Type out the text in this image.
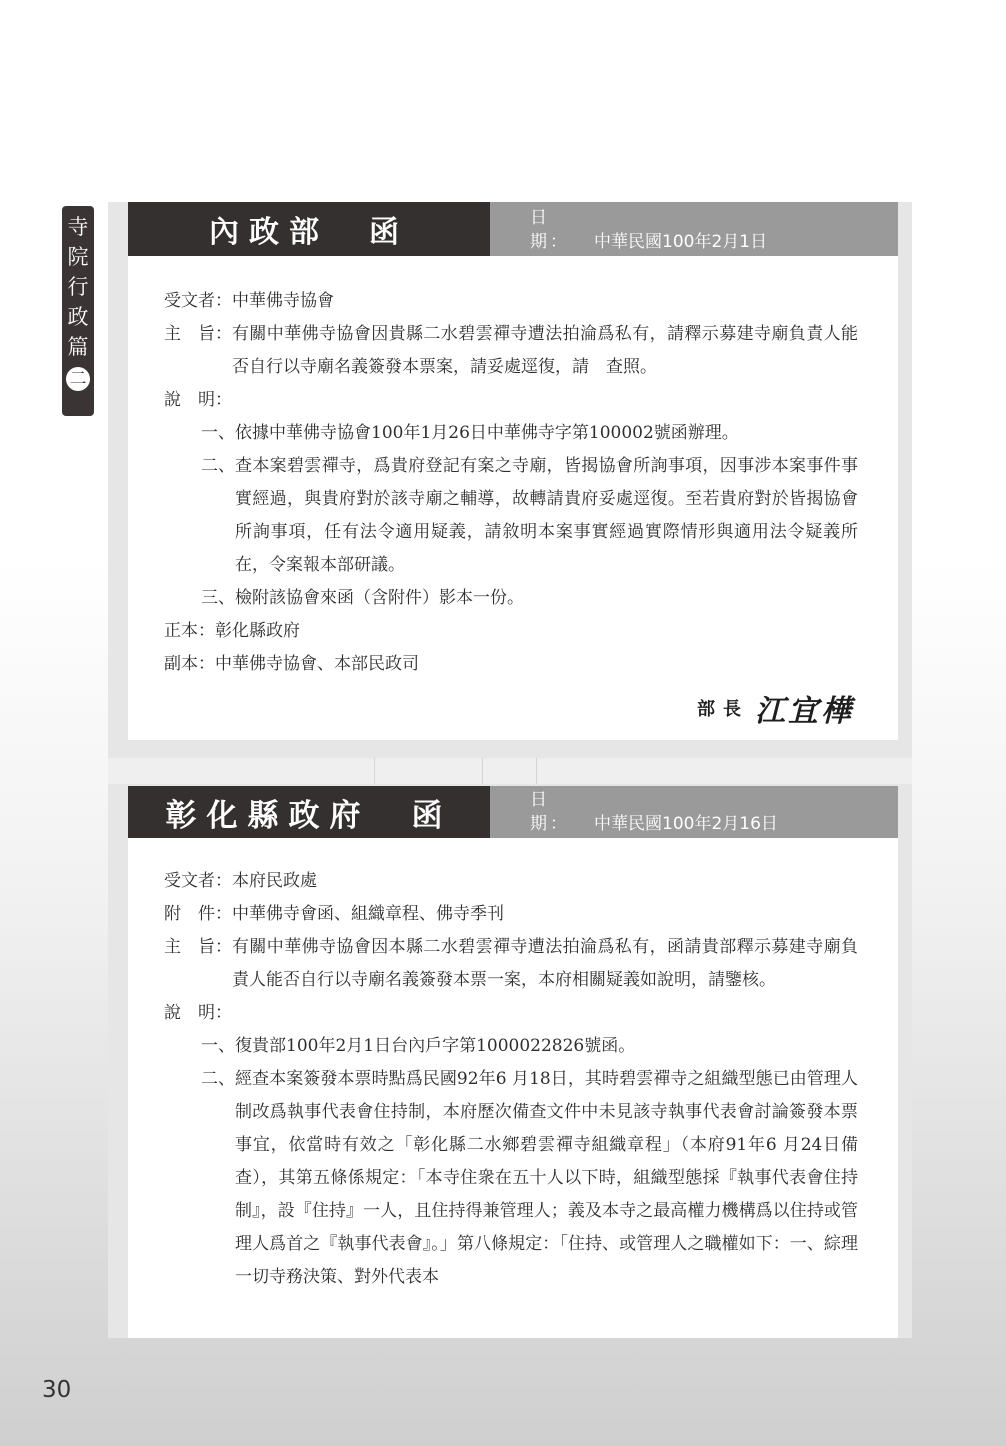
寺
院
行
政
篇
二
內政部　函	日 期： 中華民國100年2月1日
受文者： 中華佛寺協會
主　旨： 有關中華佛寺協會因貴縣二水碧雲禪寺遭法拍淪爲私有，請釋示募建寺廟負責人能否自行以寺廟名義簽發本票案，請妥處逕復，請　查照。
說　明：
一、 依據中華佛寺協會100年1月26日中華佛寺字第100002號函辦理。
二、 查本案碧雲禪寺，爲貴府登記有案之寺廟，皆揭協會所詢事項，因事涉本案事件事實經過，與貴府對於該寺廟之輔導，故轉請貴府妥處逕復。至若貴府對於皆揭協會所詢事項，任有法令適用疑義，請敘明本案事實經過實際情形與適用法令疑義所在，令案報本部研議。
三、 檢附該協會來函（含附件）影本一份。
正本： 彰化縣政府
副本： 中華佛寺協會、本部民政司
部長 江宜樺
彰化縣政府　函	日 期： 中華民國100年2月16日
受文者： 本府民政處
附　件： 中華佛寺會函、組織章程、佛寺季刊
主　旨： 有關中華佛寺協會因本縣二水碧雲禪寺遭法拍淪爲私有，函請貴部釋示募建寺廟負責人能否自行以寺廟名義簽發本票一案，本府相關疑義如說明，請鑒核。
說　明：
一、 復貴部100年2月1日台內戶字第1000022826號函。
二、 經查本案簽發本票時點爲民國92年6 月18日，其時碧雲禪寺之組織型態已由管理人制改爲執事代表會住持制，本府歷次備查文件中未見該寺執事代表會討論簽發本票事宜，依當時有效之「彰化縣二水鄉碧雲禪寺組織章程」（本府91年6 月24日備查），其第五條係規定：「本寺住衆在五十人以下時，組織型態採『執事代表會住持制』，設『住持』一人，且住持得兼管理人；義及本寺之最高權力機構爲以住持或管理人爲首之『執事代表會』。」第八條規定：「住持、或管理人之職權如下：一、綜理一切寺務決策、對外代表本
30
